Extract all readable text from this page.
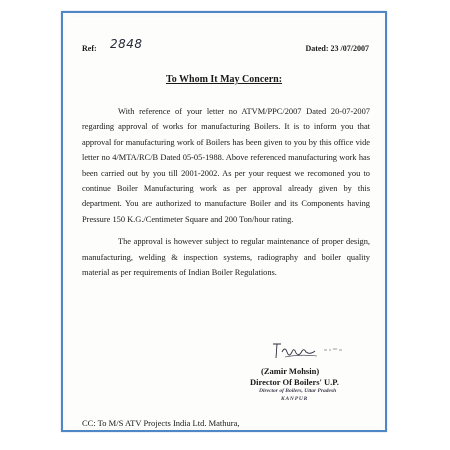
Ref: 2848	Dated: 23 /07/2007
To Whom It May Concern:

With reference of your letter no ATVM/PPC/2007 Dated 20-07-2007 regarding approval of works for manufacturing Boilers. It is to inform you that approval for manufacturing work of Boilers has been given to you by this office vide letter no 4/MTA/RC/B Dated 05-05-1988. Above referenced manufacturing work has been carried out by you till 2001-2002. As per your request we recomoned you to continue Boiler Manufacturing work as per approval already given by this department. You are authorized to manufacture Boiler and its Components having Pressure 150 K.G./Centimeter Square and 200 Ton/hour rating.

The approval is however subject to regular maintenance of proper design, manufacturing, welding & inspection systems, radiography and boiler quality material as per requirements of Indian Boiler Regulations.

(Zamir Mohsin)
Director Of Boilers' U.P.
Director of Boilers, Uttar Pradesh
KANPUR
CC: To M/S ATV Projects India Ltd. Mathura,
